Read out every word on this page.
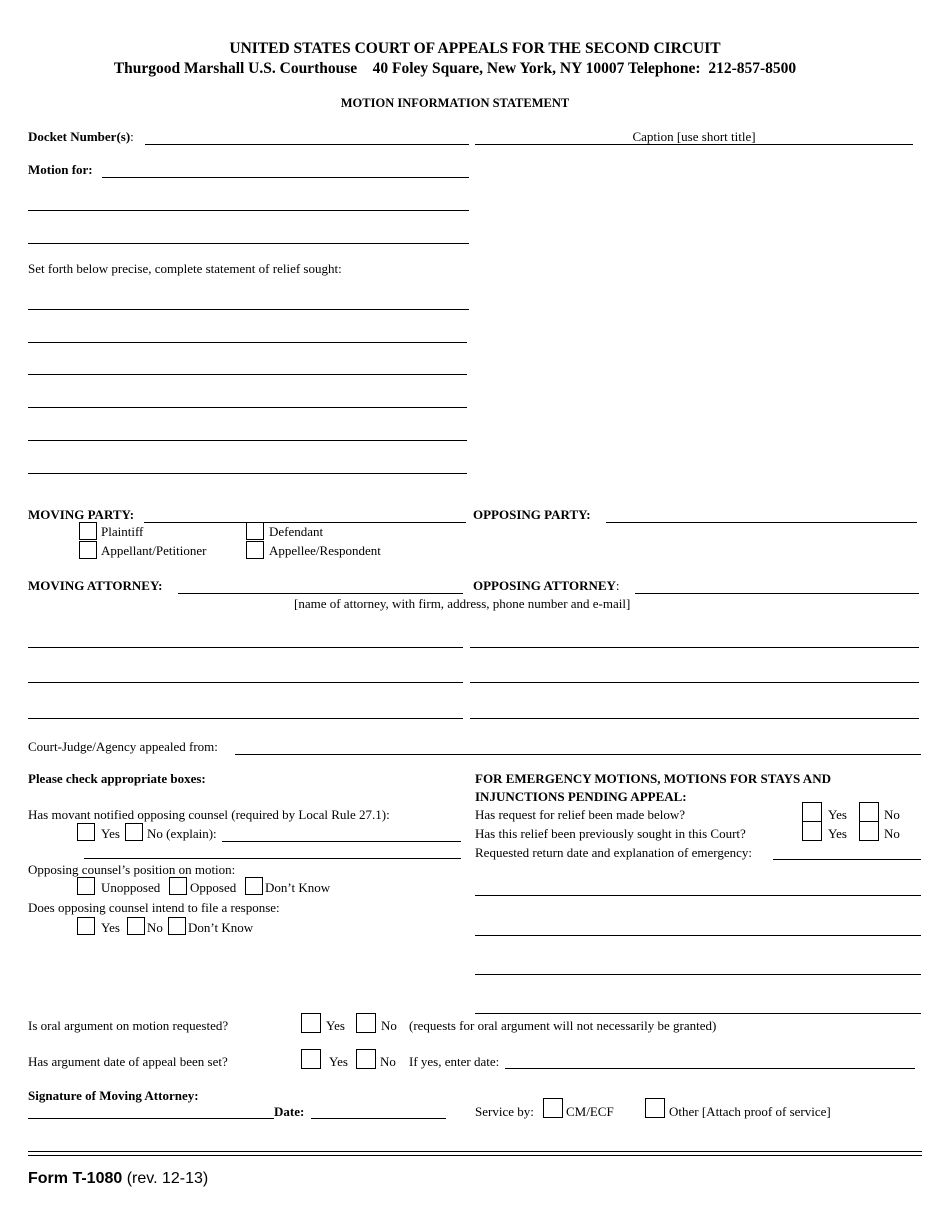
UNITED STATES COURT OF APPEALS FOR THE SECOND CIRCUIT
Thurgood Marshall U.S. Courthouse    40 Foley Square, New York, NY 10007 Telephone:  212-857-8500
MOTION INFORMATION STATEMENT
Docket Number(s):	Caption [use short title]
Motion for:
Set forth below precise, complete statement of relief sought:
MOVING PARTY:	OPPOSING PARTY:
Plaintiff	Defendant
Appellant/Petitioner	Appellee/Respondent
MOVING ATTORNEY:	OPPOSING ATTORNEY:
[name of attorney, with firm, address, phone number and e-mail]
Court-Judge/Agency appealed from:
Please check appropriate boxes:
Has movant notified opposing counsel (required by Local Rule 27.1):
Yes No (explain):
Opposing counsel’s position on motion:
Unopposed Opposed Don’t Know
Does opposing counsel intend to file a response:
Yes No Don’t Know
FOR EMERGENCY MOTIONS, MOTIONS FOR STAYS AND
INJUNCTIONS PENDING APPEAL:
Has request for relief been made below?	Yes	No
Has this relief been previously sought in this Court?	Yes	No
Requested return date and explanation of emergency:
Is oral argument on motion requested?	Yes	No (requests for oral argument will not necessarily be granted)
Has argument date of appeal been set?	Yes No If yes, enter date:
Signature of Moving Attorney:
Date:	Service by: CM/ECF	Other [Attach proof of service]
Form T-1080 (rev. 12-13)
